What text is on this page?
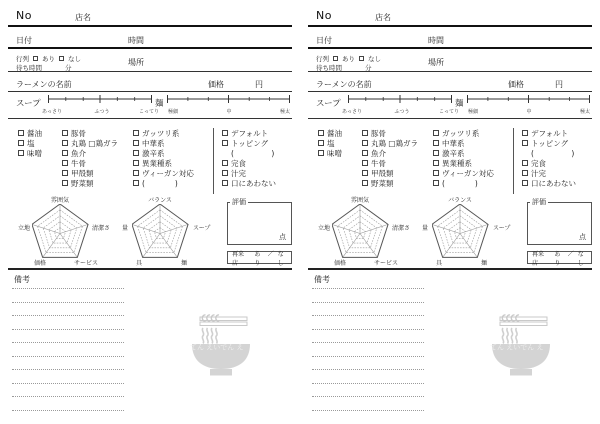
No	店名
日付	時間
行列 あり なし
待ち時間	分
場所
ラーメンの名前	価格	円
スープ
あっさり	ふつう	こってり
麺
極細	中	極太
醤油
塩
味噌
豚骨
丸鶏 □鶏ガラ
魚介
牛骨
甲殻類
野菜類
ガッツリ系
中華系
激辛系
異業種系
ヴィーガン対応
(　　　　)
デフォルト
トッピング
(　　　　　)
完食
汁完
口にあわない
雰囲気
立地	清潔さ
価格	サービス
バランス
量	スープ
具	麺
評価
点
再来店
あり
／ なし
備考
てん えいでん え
No	店名
日付	時間
行列 あり なし
待ち時間	分
場所
ラーメンの名前	価格	円
スープ
あっさり	ふつう	こってり
麺
極細	中	極太
醤油
塩
味噌
豚骨
丸鶏 □鶏ガラ
魚介
牛骨
甲殻類
野菜類
ガッツリ系
中華系
激辛系
異業種系
ヴィーガン対応
(　　　　)
デフォルト
トッピング
(　　　　　)
完食
汁完
口にあわない
雰囲気
立地	清潔さ
価格	サービス
バランス
量	スープ
具	麺
評価
点
再来店
あり
／ なし
備考
てん えいでん え
